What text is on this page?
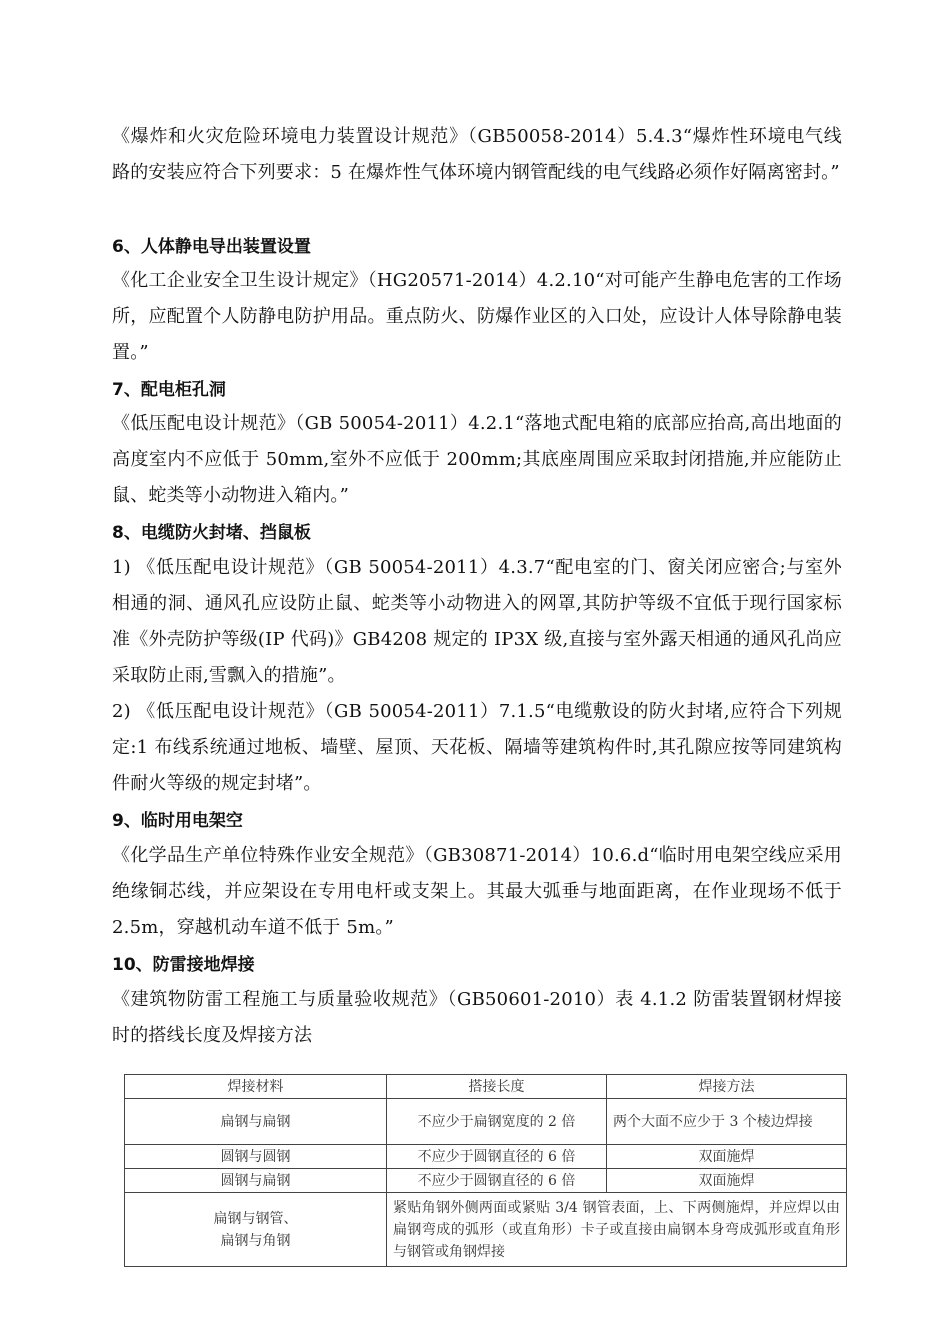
《爆炸和火灾危险环境电力装置设计规范》（GB50058-2014）5.4.3“爆炸性环境电气线路的安装应符合下列要求：5 在爆炸性气体环境内钢管配线的电气线路必须作好隔离密封。”
6、人体静电导出装置设置
《化工企业安全卫生设计规定》（HG20571-2014）4.2.10“对可能产生静电危害的工作场所，应配置个人防静电防护用品。重点防火、防爆作业区的入口处，应设计人体导除静电装置。”
7、配电柜孔洞
《低压配电设计规范》（GB 50054-2011）4.2.1“落地式配电箱的底部应抬高,高出地面的高度室内不应低于 50mm,室外不应低于 200mm;其底座周围应采取封闭措施,并应能防止鼠、蛇类等小动物进入箱内。”
8、电缆防火封堵、挡鼠板
1) 《低压配电设计规范》（GB 50054-2011）4.3.7“配电室的门、窗关闭应密合;与室外相通的洞、通风孔应设防止鼠、蛇类等小动物进入的网罩,其防护等级不宜低于现行国家标准《外壳防护等级(IP 代码)》GB4208 规定的 IP3X 级,直接与室外露天相通的通风孔尚应采取防止雨,雪飘入的措施”。
2) 《低压配电设计规范》（GB 50054-2011）7.1.5“电缆敷设的防火封堵,应符合下列规定:1 布线系统通过地板、墙壁、屋顶、天花板、隔墙等建筑构件时,其孔隙应按等同建筑构件耐火等级的规定封堵”。
9、临时用电架空
《化学品生产单位特殊作业安全规范》（GB30871-2014）10.6.d“临时用电架空线应采用绝缘铜芯线，并应架设在专用电杆或支架上。其最大弧垂与地面距离，在作业现场不低于 2.5m，穿越机动车道不低于 5m。”
10、防雷接地焊接
《建筑物防雷工程施工与质量验收规范》（GB50601-2010）表 4.1.2 防雷装置钢材焊接时的搭线长度及焊接方法
焊接材料	搭接长度	焊接方法
扁钢与扁钢	不应少于扁钢宽度的 2 倍	两个大面不应少于 3 个棱边焊接
圆钢与圆钢	不应少于圆钢直径的 6 倍	双面施焊
圆钢与扁钢	不应少于圆钢直径的 6 倍	双面施焊

扁钢与钢管、
扁钢与角钢	紧贴角钢外侧两面或紧贴 3/4 钢管表面，上、下两侧施焊，并应焊以由扁钢弯成的弧形（或直角形）卡子或直接由扁钢本身弯成弧形或直角形与钢管或角钢焊接	
